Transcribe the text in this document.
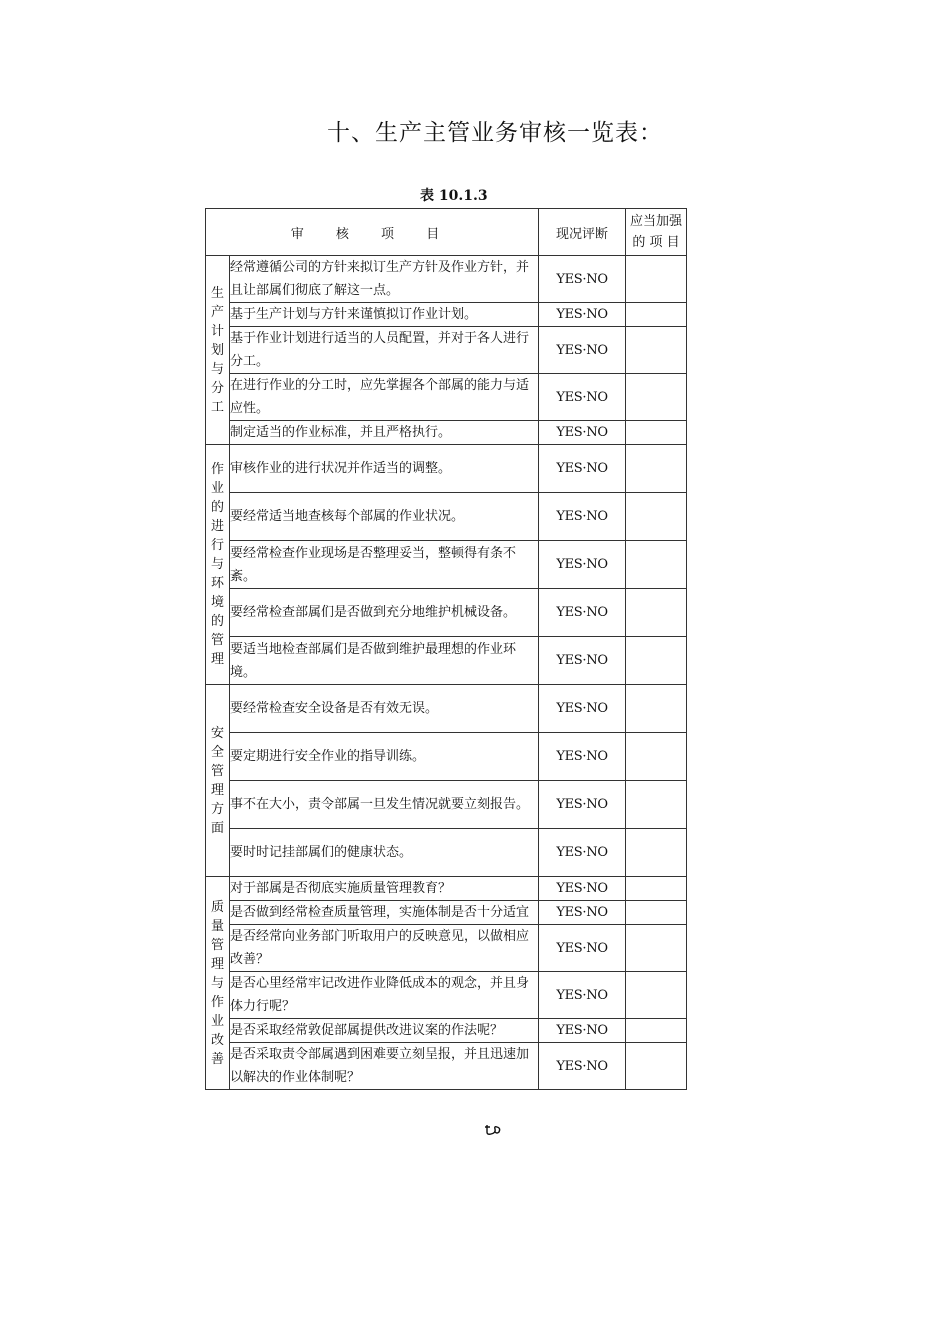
十、生产主管业务审核一览表：
表 10.1.3
审 核 项 目		现况评断	应当加强的 项 目
生产计划与分工	经常遵循公司的方针来拟订生产方针及作业方针，并且让部属们彻底了解这一点。	YES·NO	
	基于生产计划与方针来谨慎拟订作业计划。	YES·NO	
	基于作业计划进行适当的人员配置，并对于各人进行分工。	YES·NO	
	在进行作业的分工时，应先掌握各个部属的能力与适应性。	YES·NO	
	制定适当的作业标准，并且严格执行。	YES·NO	
作业的进行与环境的管理	审核作业的进行状况并作适当的调整。	YES·NO	
	要经常适当地查核每个部属的作业状况。	YES·NO	
	要经常检查作业现场是否整理妥当，整顿得有条不紊。	YES·NO	
	要经常检查部属们是否做到充分地维护机械设备。	YES·NO	
	要适当地检查部属们是否做到维护最理想的作业环境。	YES·NO	
安全管理方面	要经常检查安全设备是否有效无误。	YES·NO	
	要定期进行安全作业的指导训练。	YES·NO	
	事不在大小，责令部属一旦发生情况就要立刻报告。	YES·NO	
	要时时记挂部属们的健康状态。	YES·NO	
质量管理与作业改善	对于部属是否彻底实施质量管理教育？	YES·NO	
	是否做到经常检查质量管理，实施体制是否十分适宜	YES·NO	
	是否经常向业务部门听取用户的反映意见，以做相应改善？	YES·NO	
	是否心里经常牢记改进作业降低成本的观念，并且身体力行呢？	YES·NO	
	是否采取经常敦促部属提供改进议案的作法呢？	YES·NO	
	是否采取责令部属遇到困难要立刻呈报，并且迅速加以解决的作业体制呢？	YES·NO	
